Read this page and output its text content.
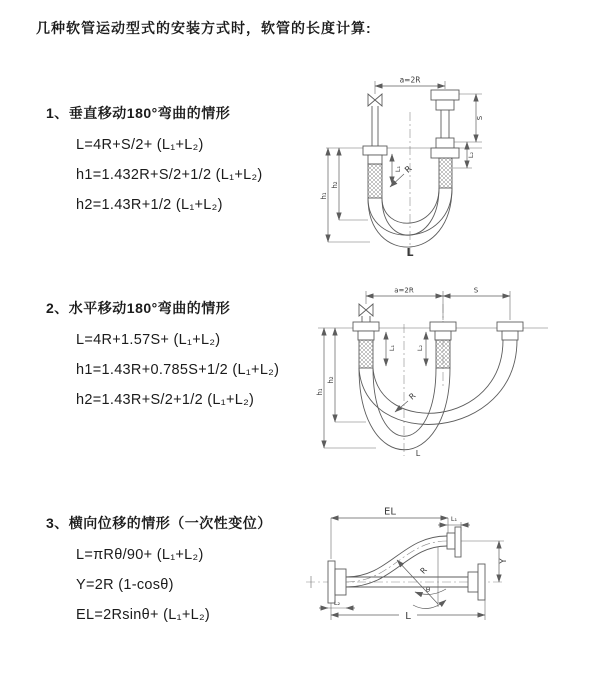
几种软管运动型式的安装方式时，软管的长度计算:
1、垂直移动180°弯曲的情形
L=4R+S/2+ (L₁+L₂)
h1=1.432R+S/2+1/2 (L₁+L₂)
h2=1.43R+1/2 (L₁+L₂)
a=2R
R
h₁
h₂
L₁
S
L₂
L
2、水平移动180°弯曲的情形
L=4R+1.57S+ (L₁+L₂)
h1=1.43R+0.785S+1/2 (L₁+L₂)
h2=1.43R+S/2+1/2 (L₁+L₂)
a=2R	S
R
h₁
h₂
L₁	L₂
L
3、横向位移的情形（一次性变位）
L=πRθ/90+ (L₁+L₂)
Y=2R (1-cosθ)
EL=2Rsinθ+ (L₁+L₂)
EL
L₁
Y
R
θ
L
L₂
